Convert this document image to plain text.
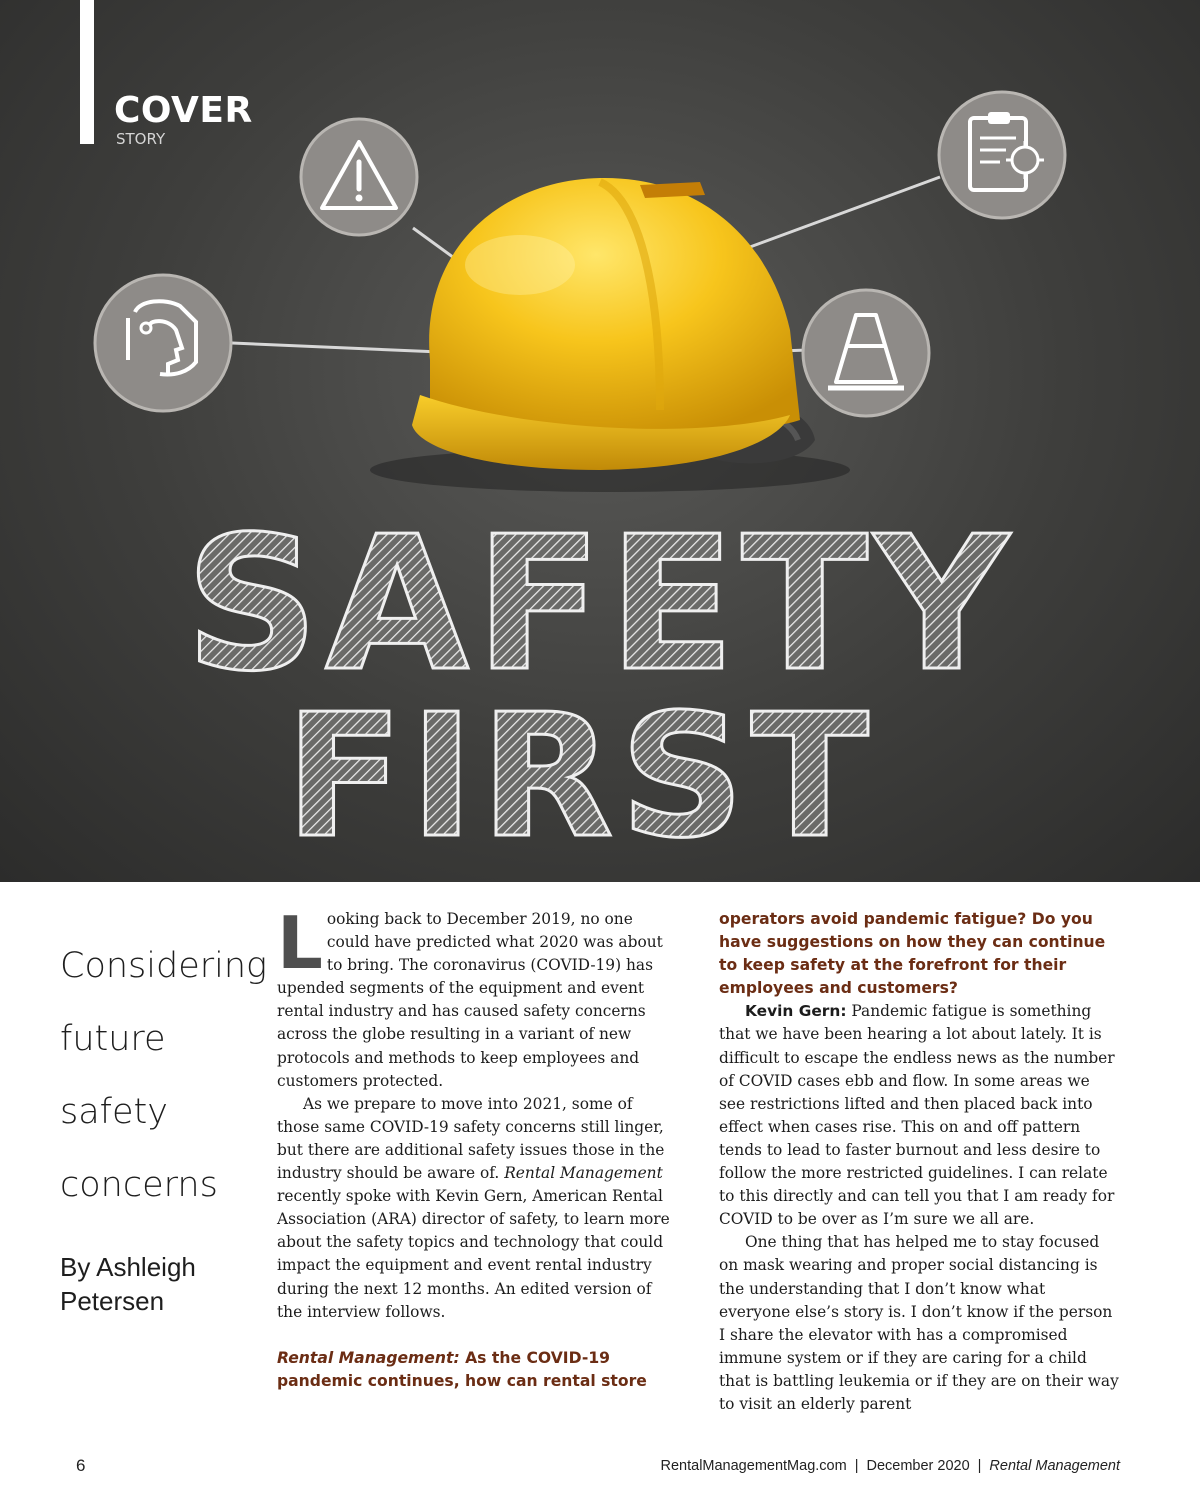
SAFETY
FIRST
COVER
STORY
Considering
future
safety
concerns
By Ashleigh
Petersen

Looking back to December 2019, no one could have predicted what 2020 was about to bring. The coronavirus (COVID-19) has upended segments of the equipment and event rental industry and has caused safety concerns across the globe resulting in a variant of new protocols and methods to keep employees and customers protected.

As we prepare to move into 2021, some of those same COVID-19 safety concerns still linger, but there are additional safety issues those in the industry should be aware of. Rental Management recently spoke with Kevin Gern, American Rental Association (ARA) director of safety, to learn more about the safety topics and technology that could impact the equipment and event rental industry during the next 12 months. An edited version of the interview follows.

Rental Management: As the COVID-19 pandemic continues, how can rental store

operators avoid pandemic fatigue? Do you have suggestions on how they can continue to keep safety at the forefront for their employees and customers?

Kevin Gern: Pandemic fatigue is something that we have been hearing a lot about lately. It is difficult to escape the endless news as the number of COVID cases ebb and flow. In some areas we see restrictions lifted and then placed back into effect when cases rise. This on and off pattern tends to lead to faster burnout and less desire to follow the more restricted guidelines. I can relate to this directly and can tell you that I am ready for COVID to be over as I’m sure we all are.

One thing that has helped me to stay focused on mask wearing and proper social distancing is the understanding that I don’t know what everyone else’s story is. I don’t know if the person I share the elevator with has a compromised immune system or if they are caring for a child that is battling leukemia or if they are on their way to visit an elderly parent

6	RentalManagementMag.com | December 2020 | Rental Management
